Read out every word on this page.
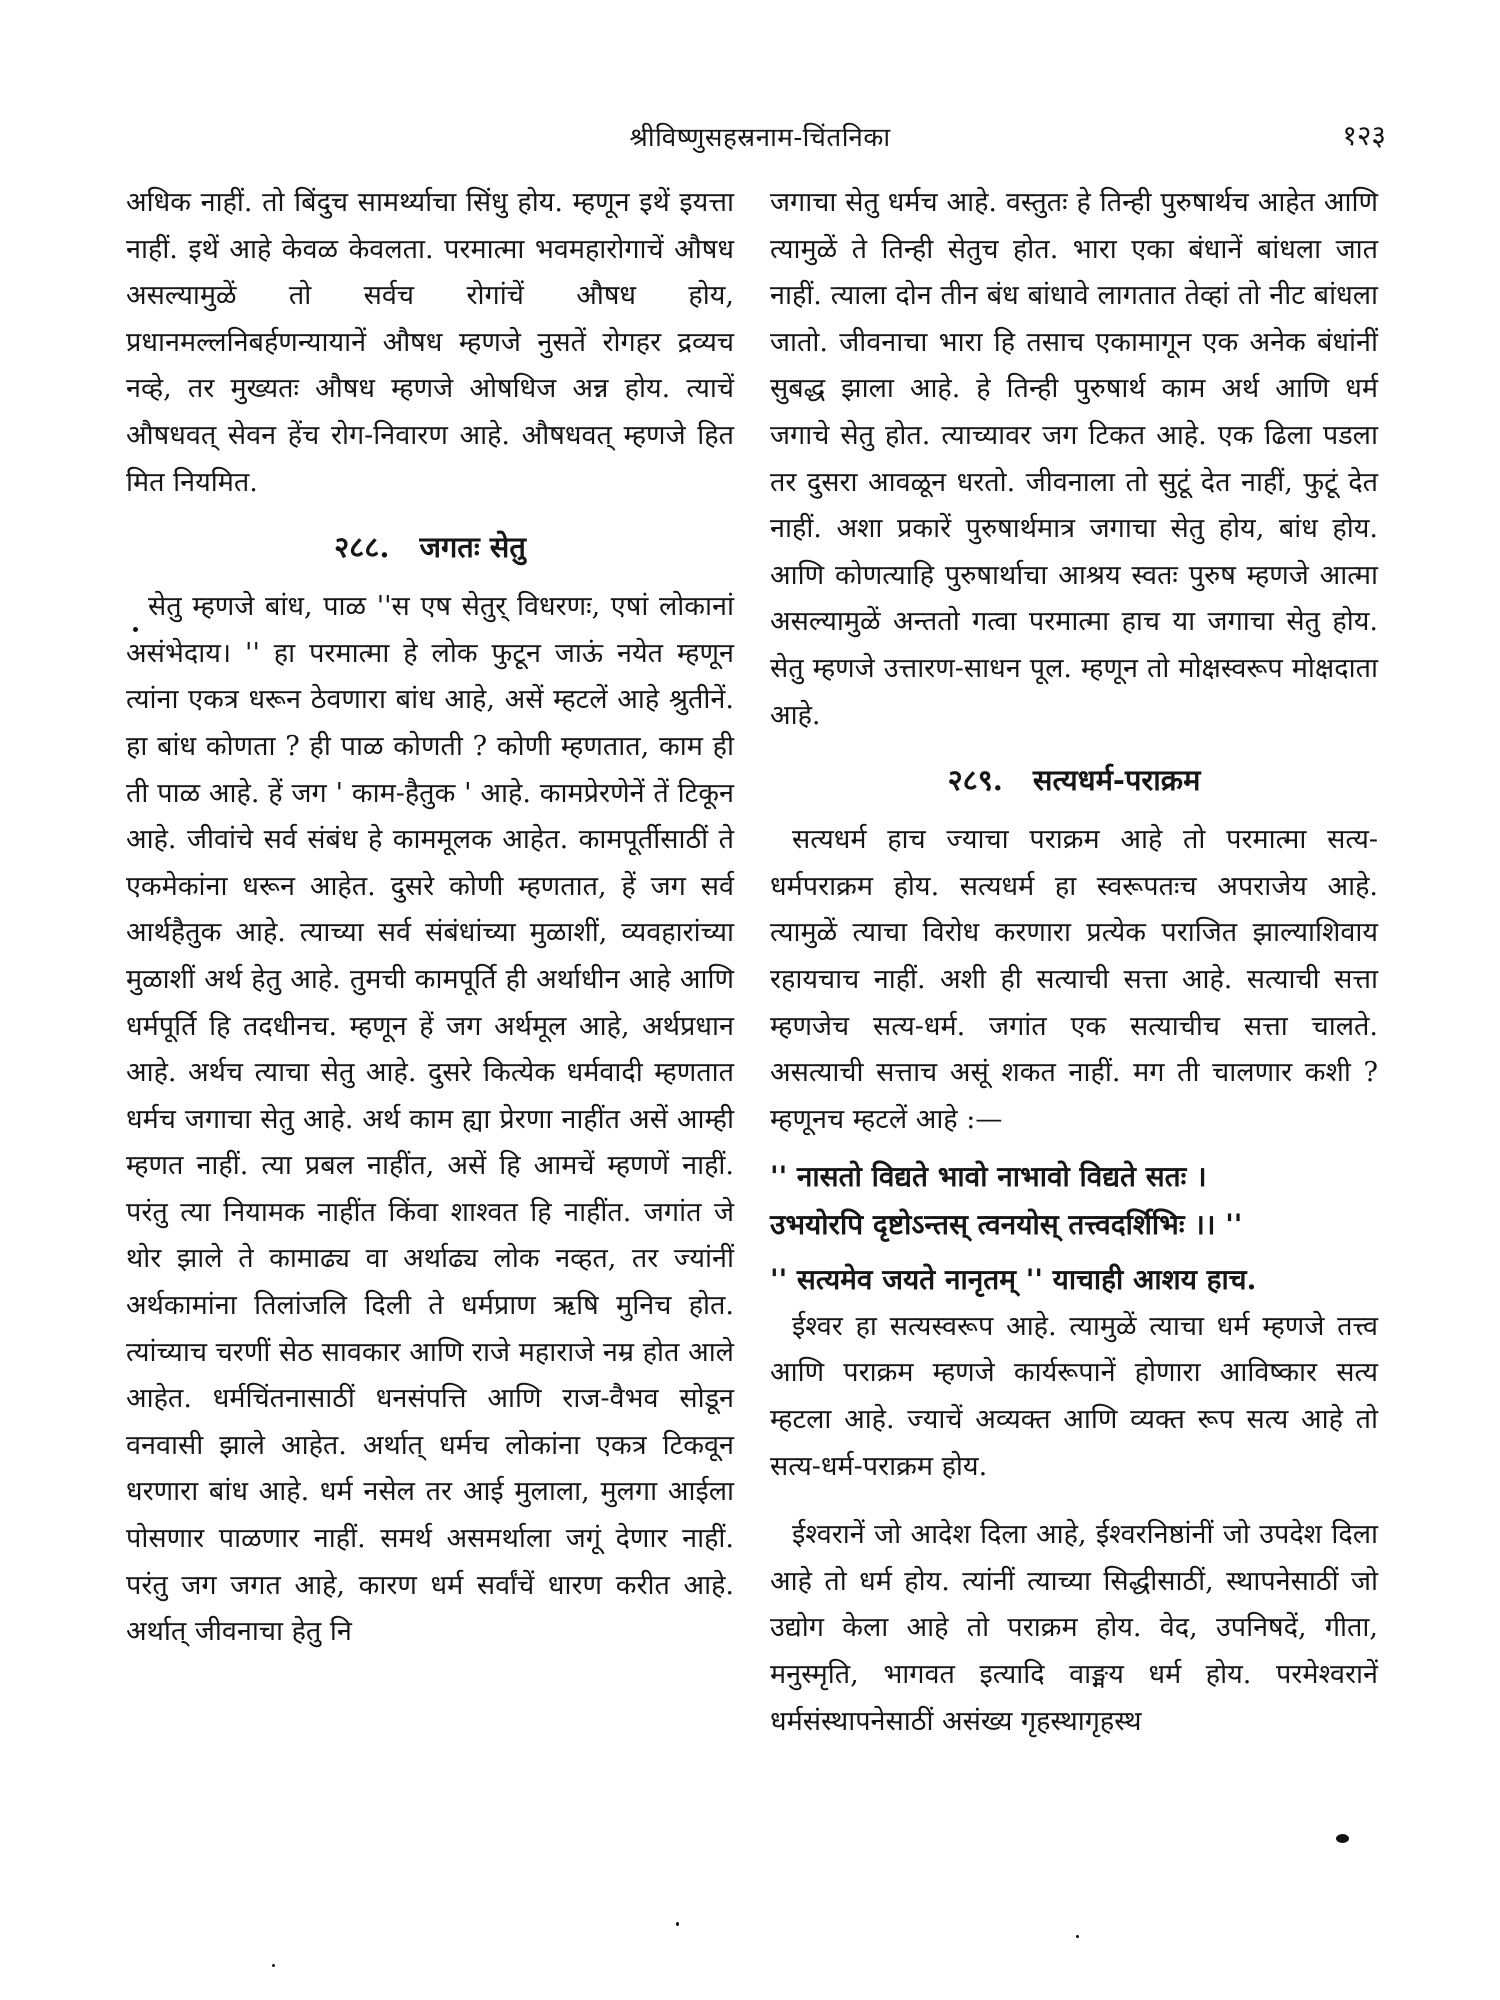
श्रीविष्णुसहस्रनाम-चिंतनिका	१२३

अधिक नाहीं. तो बिंदुच सामर्थ्याचा सिंधु होय. म्हणून इथें इयत्ता नाहीं. इथें आहे केवळ केवलता. परमात्मा भवमहारोगाचें औषध असल्यामुळें तो सर्वच रोगांचें औषध होय, प्रधानमल्लनिबर्हणन्यायानें औषध म्हणजे नुसतें रोगहर द्रव्यच नव्हे, तर मुख्यतः औषध म्हणजे ओषधिज अन्न होय. त्याचें औषधवत् सेवन हेंच रोग-निवारण आहे. औषधवत् म्हणजे हित मित नियमित.

२८८. जगतः सेतु

सेतु म्हणजे बांध, पाळ ''स एष सेतुर् विधरणः, एषां लोकानां असंभेदाय। '' हा परमात्मा हे लोक फुटून जाऊं नयेत म्हणून त्यांना एकत्र धरून ठेवणारा बांध आहे, असें म्हटलें आहे श्रुतीनें. हा बांध कोणता ? ही पाळ कोणती ? कोणी म्हणतात, काम ही ती पाळ आहे. हें जग ' काम-हैतुक ' आहे. कामप्रेरणेनें तें टिकून आहे. जीवांचे सर्व संबंध हे काममूलक आहेत. कामपूर्तीसाठीं ते एकमेकांना धरून आहेत. दुसरे कोणी म्हणतात, हें जग सर्व आर्थहैतुक आहे. त्याच्या सर्व संबंधांच्या मुळाशीं, व्यवहारांच्या मुळाशीं अर्थ हेतु आहे. तुमची कामपूर्ति ही अर्थाधीन आहे आणि धर्मपूर्ति हि तदधीनच. म्हणून हें जग अर्थमूल आहे, अर्थप्रधान आहे. अर्थच त्याचा सेतु आहे. दुसरे कित्येक धर्मवादी म्हणतात धर्मच जगाचा सेतु आहे. अर्थ काम ह्या प्रेरणा नाहींत असें आम्ही म्हणत नाहीं. त्या प्रबल नाहींत, असें हि आमचें म्हणणें नाहीं. परंतु त्या नियामक नाहींत किंवा शाश्वत हि नाहींत. जगांत जे थोर झाले ते कामाढ्य वा अर्थाढ्य लोक नव्हत, तर ज्यांनीं अर्थकामांना तिलांजलि दिली ते धर्मप्राण ऋषि मुनिच होत. त्यांच्याच चरणीं सेठ सावकार आणि राजे महाराजे नम्र होत आले आहेत. धर्मचिंतनासाठीं धनसंपत्ति आणि राज-वैभव सोडून वनवासी झाले आहेत. अर्थात् धर्मच लोकांना एकत्र टिकवून धरणारा बांध आहे. धर्म नसेल तर आई मुलाला, मुलगा आईला पोसणार पाळणार नाहीं. समर्थ असमर्थाला जगूं देणार नाहीं. परंतु जग जगत आहे, कारण धर्म सर्वांचें धारण करीत आहे. अर्थात् जीवनाचा हेतु नि

जगाचा सेतु धर्मच आहे. वस्तुतः हे तिन्ही पुरुषार्थच आहेत आणि त्यामुळें ते तिन्ही सेतुच होत. भारा एका बंधानें बांधला जात नाहीं. त्याला दोन तीन बंध बांधावे लागतात तेव्हां तो नीट बांधला जातो. जीवनाचा भारा हि तसाच एकामागून एक अनेक बंधांनीं सुबद्ध झाला आहे. हे तिन्ही पुरुषार्थ काम अर्थ आणि धर्म जगाचे सेतु होत. त्याच्यावर जग टिकत आहे. एक ढिला पडला तर दुसरा आवळून धरतो. जीवनाला तो सुटूं देत नाहीं, फुटूं देत नाहीं. अशा प्रकारें पुरुषार्थमात्र जगाचा सेतु होय, बांध होय. आणि कोणत्याहि पुरुषार्थाचा आश्रय स्वतः पुरुष म्हणजे आत्मा असल्यामुळें अन्ततो गत्वा परमात्मा हाच या जगाचा सेतु होय. सेतु म्हणजे उत्तारण-साधन पूल. म्हणून तो मोक्षस्वरूप मोक्षदाता आहे.

२८९. सत्यधर्म-पराक्रम

सत्यधर्म हाच ज्याचा पराक्रम आहे तो परमात्मा सत्य-धर्मपराक्रम होय. सत्यधर्म हा स्वरूपतःच अपराजेय आहे. त्यामुळें त्याचा विरोध करणारा प्रत्येक पराजित झाल्याशिवाय रहायचाच नाहीं. अशी ही सत्याची सत्ता आहे. सत्याची सत्ता म्हणजेच सत्य-धर्म. जगांत एक सत्याचीच सत्ता चालते. असत्याची सत्ताच असूं शकत नाहीं. मग ती चालणार कशी ? म्हणूनच म्हटलें आहे :—

'' नासतो विद्यते भावो नाभावो विद्यते सतः ।
उभयोरपि दृष्टोऽन्तस् त्वनयोस् तत्त्वदर्शिभिः ।। ''

'' सत्यमेव जयते नानृतम् '' याचाही आशय हाच.

ईश्वर हा सत्यस्वरूप आहे. त्यामुळें त्याचा धर्म म्हणजे तत्त्व आणि पराक्रम म्हणजे कार्यरूपानें होणारा आविष्कार सत्य म्हटला आहे. ज्याचें अव्यक्त आणि व्यक्त रूप सत्य आहे तो सत्य-धर्म-पराक्रम होय.

ईश्वरानें जो आदेश दिला आहे, ईश्वरनिष्ठांनीं जो उपदेश दिला आहे तो धर्म होय. त्यांनीं त्याच्या सिद्धीसाठीं, स्थापनेसाठीं जो उद्योग केला आहे तो पराक्रम होय. वेद, उपनिषदें, गीता, मनुस्मृति, भागवत इत्यादि वाङ्मय धर्म होय. परमेश्वरानें धर्मसंस्थापनेसाठीं असंख्य गृहस्थागृहस्थ
